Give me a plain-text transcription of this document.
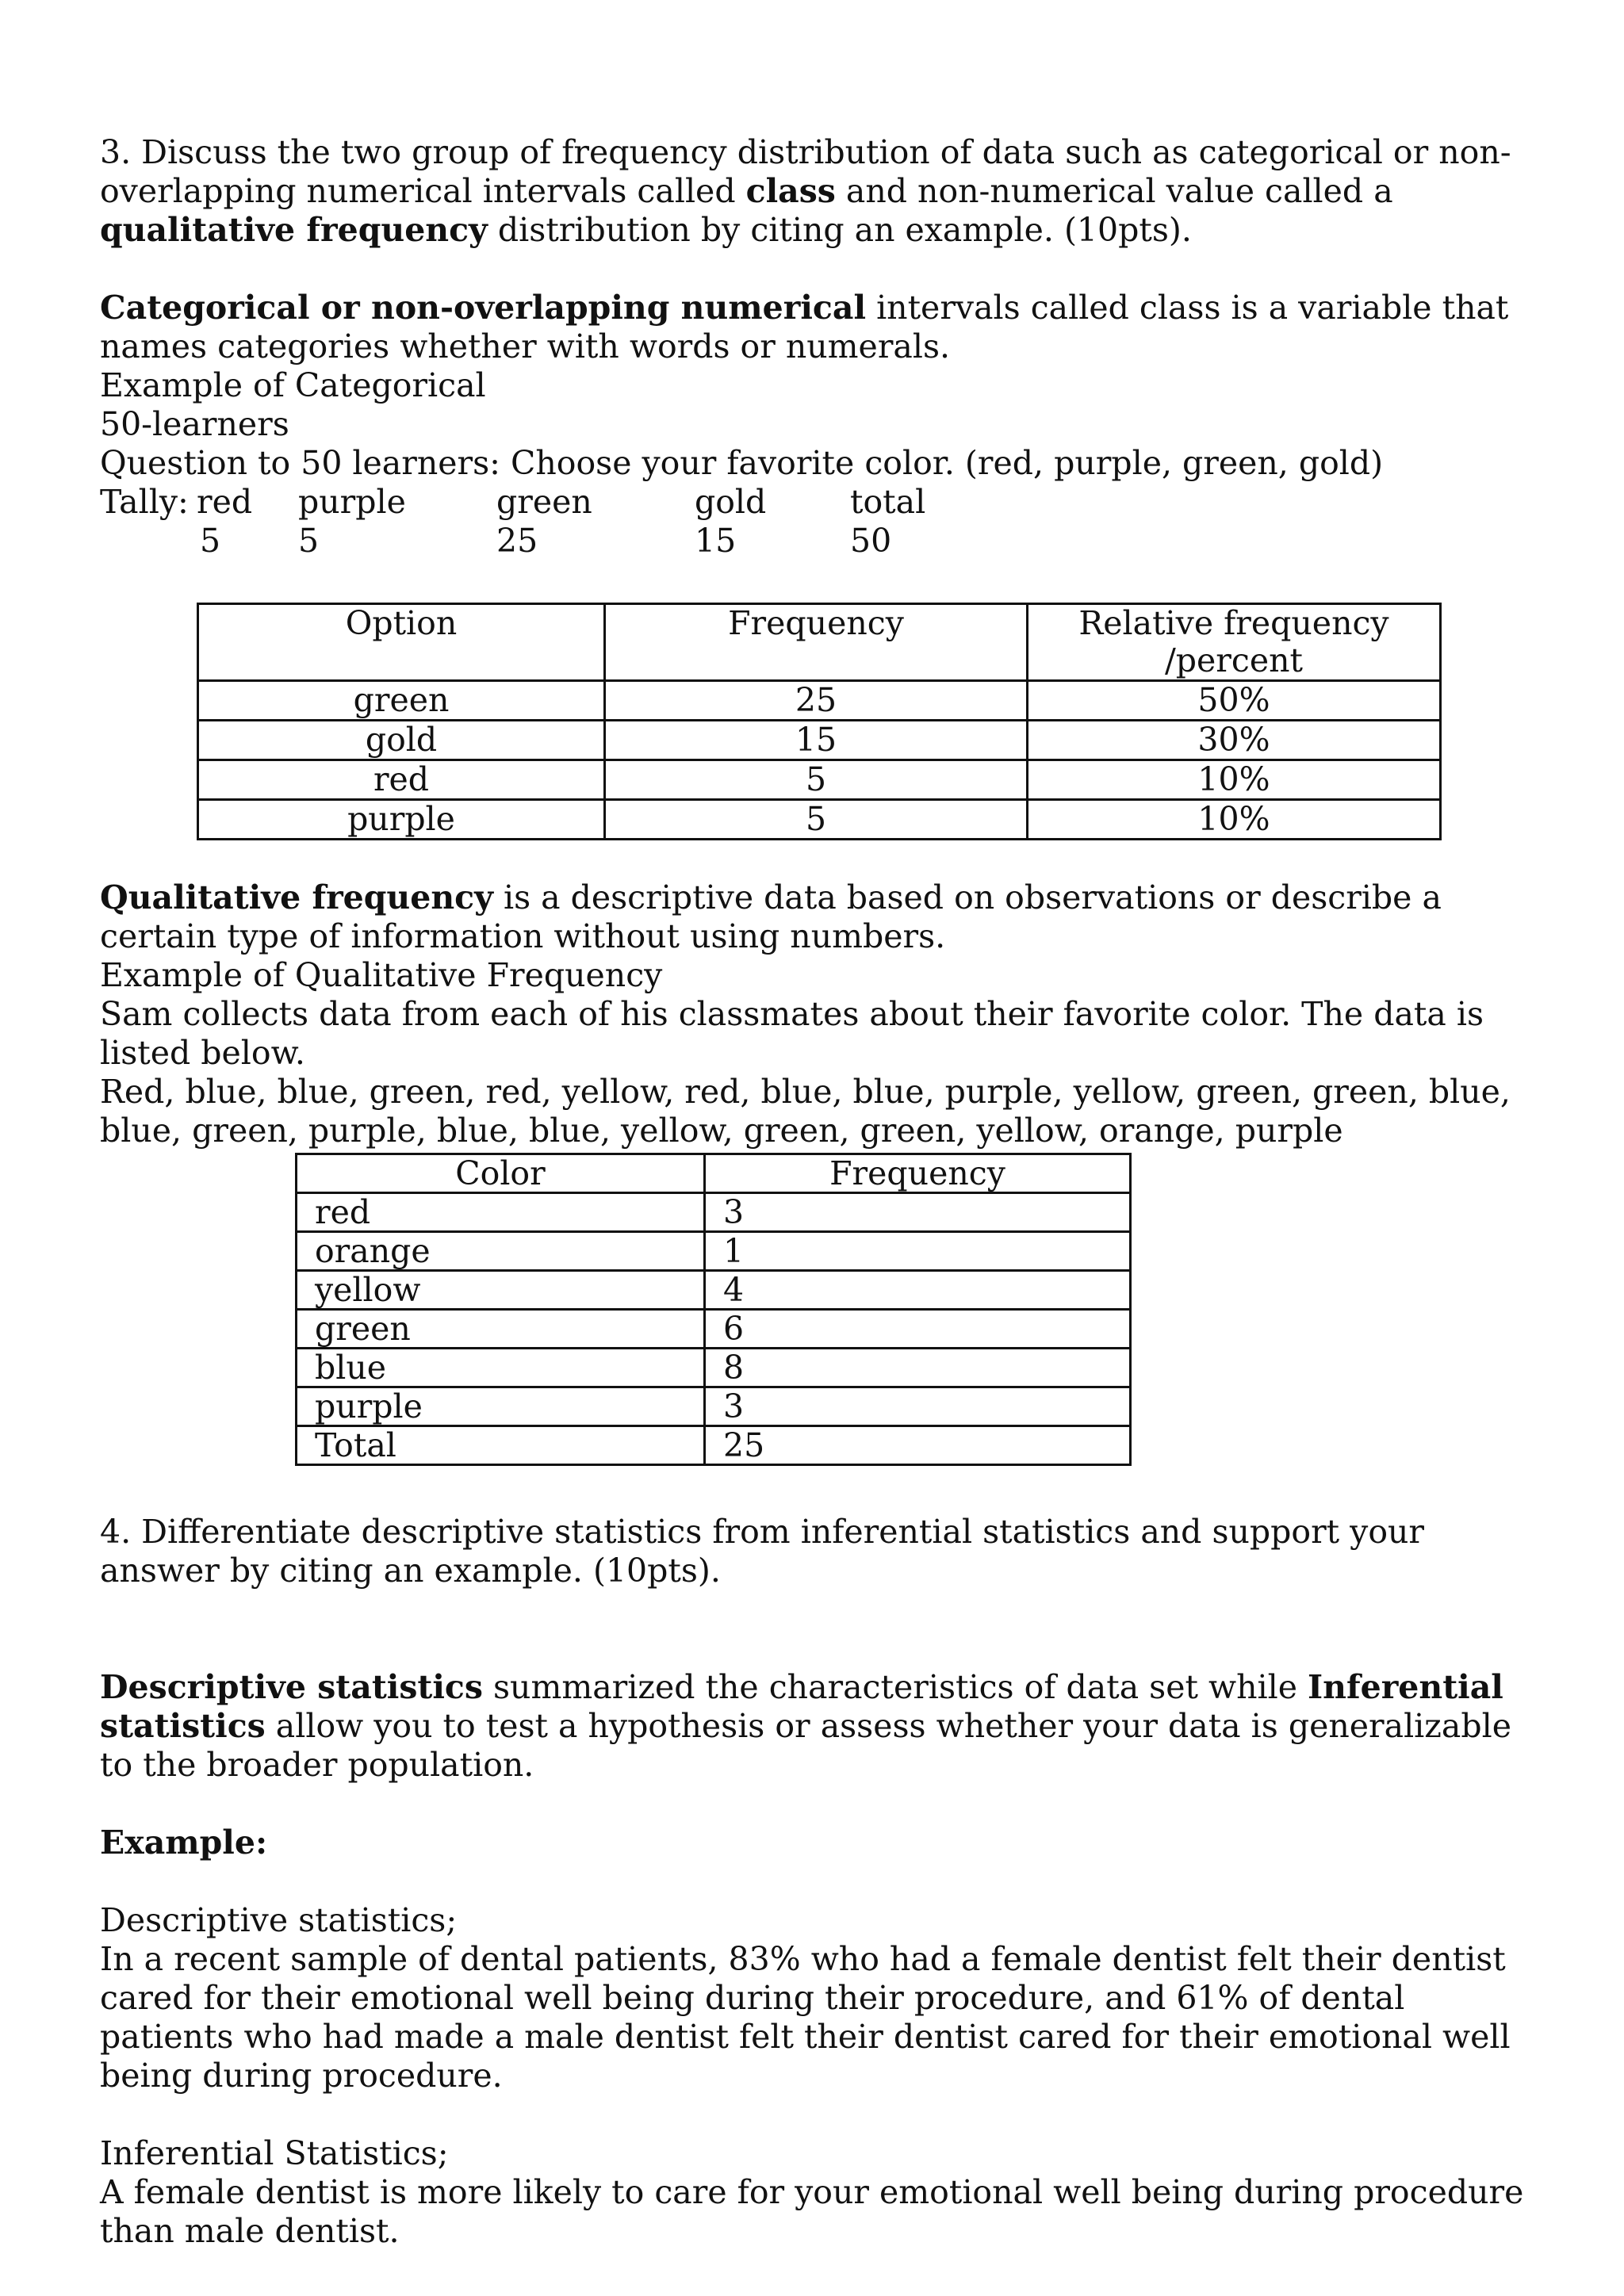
3. Discuss the two group of frequency distribution of data such as categorical or non-overlapping numerical intervals called class and non-numerical value called a qualitative frequency distribution by citing an example. (10pts).

Categorical or non-overlapping numerical intervals called class is a variable that names categories whether with words or numerals.

Example of Categorical

50-learners

Question to 50 learners: Choose your favorite color. (red, purple, green, gold)

Tally: red purple	green	gold	total
5 5	25	15	50
Option	Frequency	Relative frequency /percent
green	25	50%
gold	15	30%
red	5	10%
purple	5	10%

Qualitative frequency is a descriptive data based on observations or describe a certain type of information without using numbers.

Example of Qualitative Frequency

Sam collects data from each of his classmates about their favorite color. The data is listed below.

Red, blue, blue, green, red, yellow, red, blue, blue, purple, yellow, green, green, blue, blue, green, purple, blue, blue, yellow, green, green, yellow, orange, purple

Color	Frequency
red	3
orange	1
yellow	4
green	6
blue	8
purple	3
Total	25

4. Differentiate descriptive statistics from inferential statistics and support your answer by citing an example. (10pts).

Descriptive statistics summarized the characteristics of data set while Inferential statistics allow you to test a hypothesis or assess whether your data is generalizable to the broader population.

Example:

Descriptive statistics;

In a recent sample of dental patients, 83% who had a female dentist felt their dentist cared for their emotional well being during their procedure, and 61% of dental patients who had made a male dentist felt their dentist cared for their emotional well being during procedure.

Inferential Statistics;

A female dentist is more likely to care for your emotional well being during procedure than male dentist.
